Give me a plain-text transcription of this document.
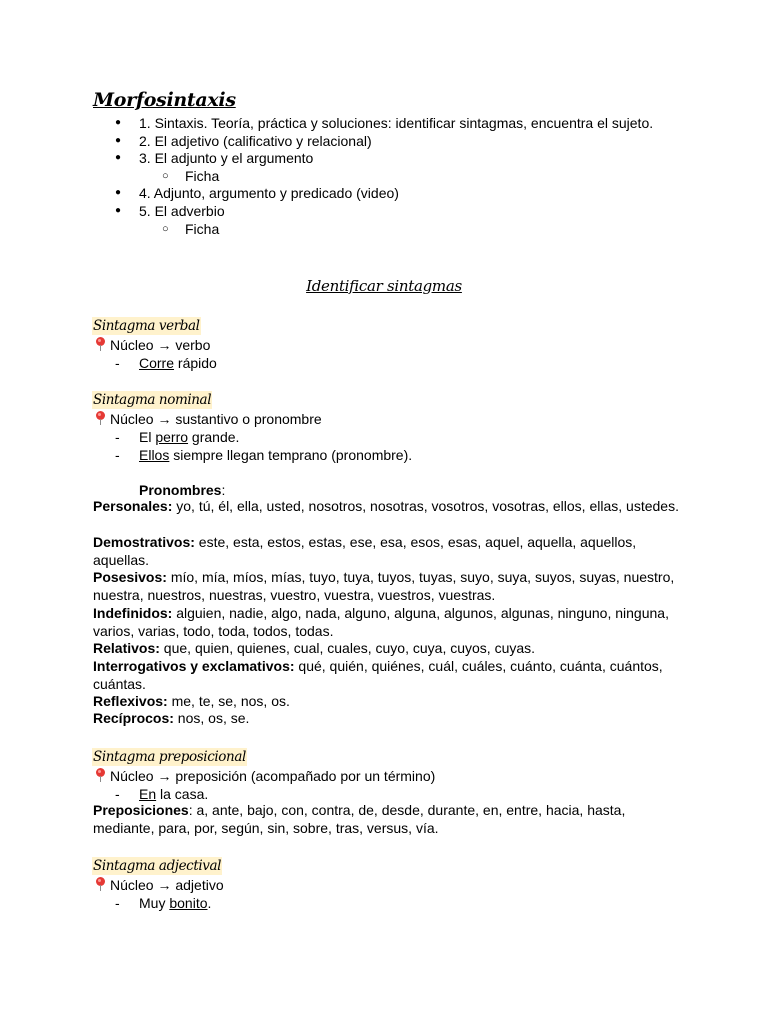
Morfosintaxis
● 1. Sintaxis. Teoría, práctica y soluciones: identificar sintagmas, encuentra el sujeto.
● 2. El adjetivo (calificativo y relacional)
● 3. El adjunto y el argumento
○ Ficha
● 4. Adjunto, argumento y predicado (video)
● 5. El adverbio
○ Ficha
Identificar sintagmas
Sintagma verbal
Núcleo → verbo
- Corre rápido
Sintagma nominal
Núcleo → sustantivo o pronombre
- El perro grande.
- Ellos siempre llegan temprano (pronombre).
Pronombres:
Personales: yo, tú, él, ella, usted, nosotros, nosotras, vosotros, vosotras, ellos, ellas, ustedes.
Demostrativos: este, esta, estos, estas, ese, esa, esos, esas, aquel, aquella, aquellos, aquellas.
Posesivos: mío, mía, míos, mías, tuyo, tuya, tuyos, tuyas, suyo, suya, suyos, suyas, nuestro, nuestra, nuestros, nuestras, vuestro, vuestra, vuestros, vuestras.
Indefinidos: alguien, nadie, algo, nada, alguno, alguna, algunos, algunas, ninguno, ninguna, varios, varias, todo, toda, todos, todas.
Relativos: que, quien, quienes, cual, cuales, cuyo, cuya, cuyos, cuyas.
Interrogativos y exclamativos: qué, quién, quiénes, cuál, cuáles, cuánto, cuánta, cuántos, cuántas.
Reflexivos: me, te, se, nos, os.
Recíprocos: nos, os, se.
Sintagma preposicional
Núcleo → preposición (acompañado por un término)
- En la casa.
Preposiciones: a, ante, bajo, con, contra, de, desde, durante, en, entre, hacia, hasta, mediante, para, por, según, sin, sobre, tras, versus, vía.
Sintagma adjectival
Núcleo → adjetivo
- Muy bonito.
